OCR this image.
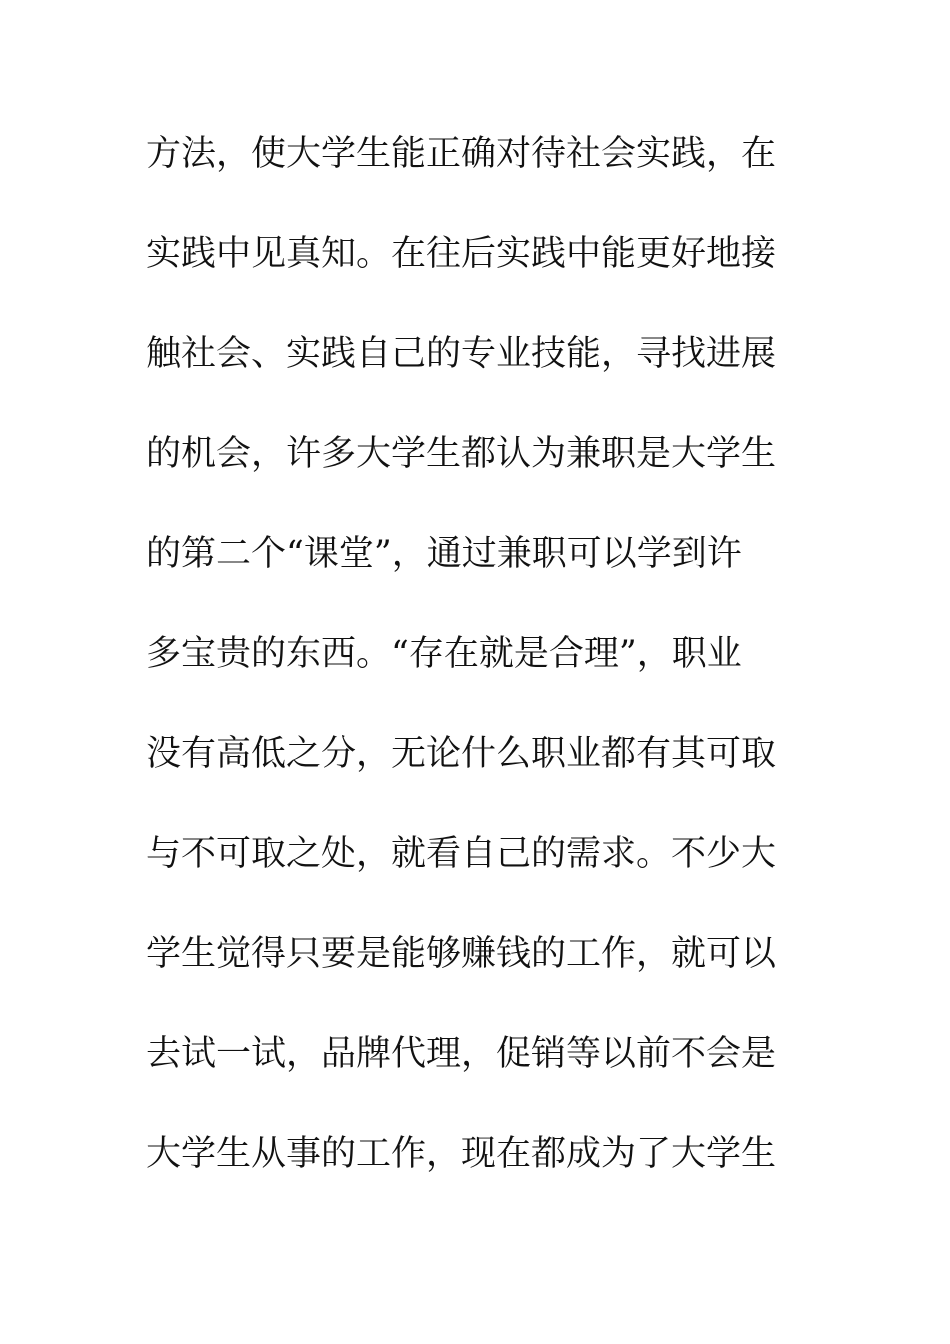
方法，使大学生能正确对待社会实践，在
实践中见真知。在往后实践中能更好地接
触社会、实践自己的专业技能，寻找进展
的机会，许多大学生都认为兼职是大学生
的第二个“课堂”，通过兼职可以学到许
多宝贵的东西。“存在就是合理”，职业
没有高低之分，无论什么职业都有其可取
与不可取之处，就看自己的需求。不少大
学生觉得只要是能够赚钱的工作，就可以
去试一试，品牌代理，促销等以前不会是
大学生从事的工作，现在都成为了大学生
